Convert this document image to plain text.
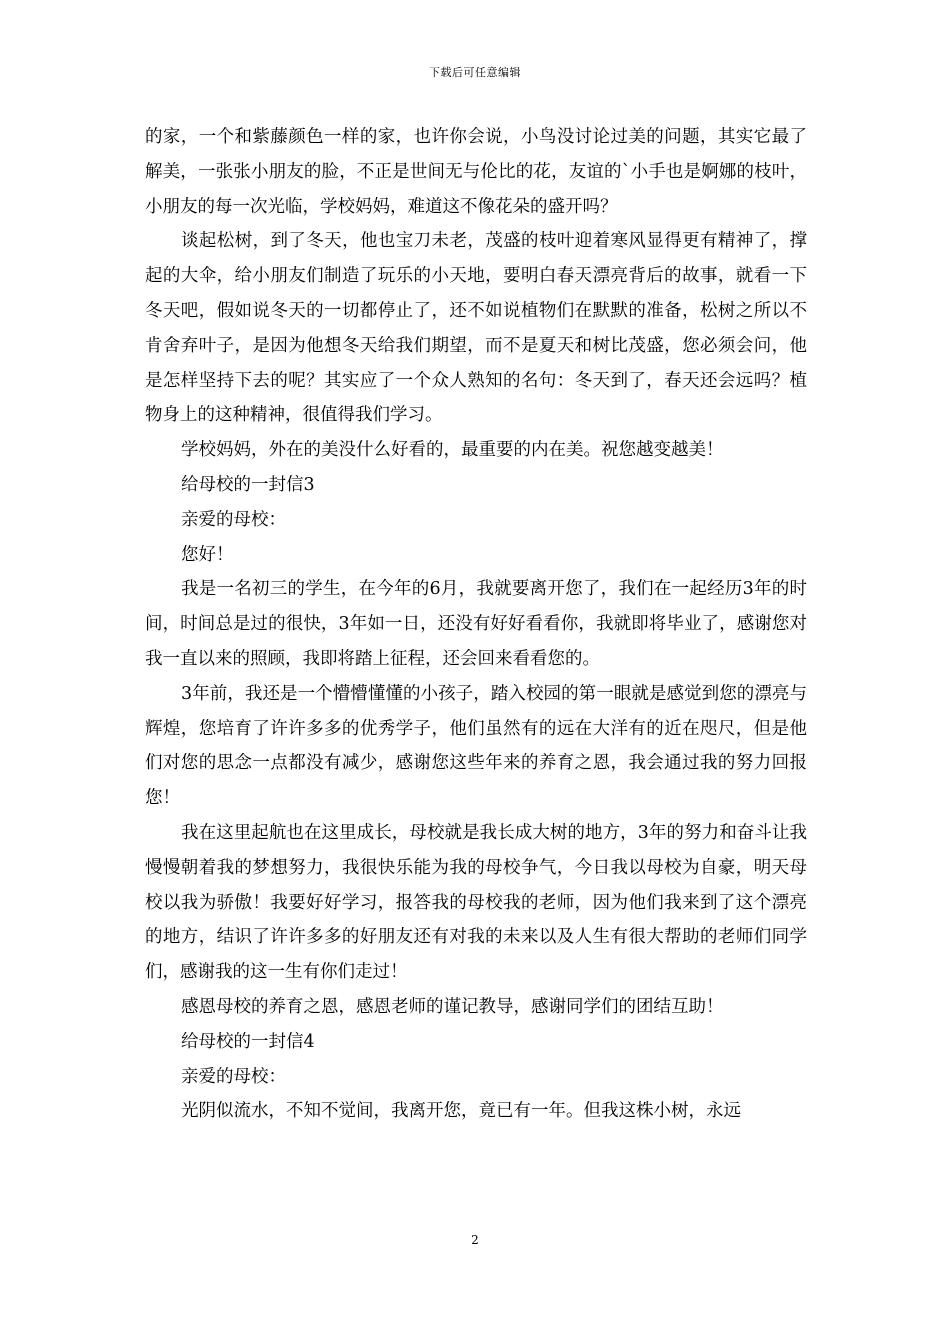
下载后可任意编辑

的家，一个和紫藤颜色一样的家，也许你会说，小鸟没讨论过美的问题，其实它最了解美，一张张小朋友的脸，不正是世间无与伦比的花，友谊的`小手也是婀娜的枝叶，小朋友的每一次光临，学校妈妈，难道这不像花朵的盛开吗？

谈起松树，到了冬天，他也宝刀未老，茂盛的枝叶迎着寒风显得更有精神了，撑起的大伞，给小朋友们制造了玩乐的小天地，要明白春天漂亮背后的故事，就看一下冬天吧，假如说冬天的一切都停止了，还不如说植物们在默默的准备，松树之所以不肯舍弃叶子，是因为他想冬天给我们期望，而不是夏天和树比茂盛，您必须会问，他是怎样坚持下去的呢？其实应了一个众人熟知的名句：冬天到了，春天还会远吗？植物身上的这种精神，很值得我们学习。

学校妈妈，外在的美没什么好看的，最重要的内在美。祝您越变越美！

给母校的一封信3

亲爱的母校：

您好！

我是一名初三的学生，在今年的6月，我就要离开您了，我们在一起经历3年的时间，时间总是过的很快，3年如一日，还没有好好看看你，我就即将毕业了，感谢您对我一直以来的照顾，我即将踏上征程，还会回来看看您的。

3年前，我还是一个懵懵懂懂的小孩子，踏入校园的第一眼就是感觉到您的漂亮与辉煌，您培育了许许多多的优秀学子，他们虽然有的远在大洋有的近在咫尺，但是他们对您的思念一点都没有减少，感谢您这些年来的养育之恩，我会通过我的努力回报您！

我在这里起航也在这里成长，母校就是我长成大树的地方，3年的努力和奋斗让我慢慢朝着我的梦想努力，我很快乐能为我的母校争气，今日我以母校为自豪，明天母校以我为骄傲！我要好好学习，报答我的母校我的老师，因为他们我来到了这个漂亮的地方，结识了许许多多的好朋友还有对我的未来以及人生有很大帮助的老师们同学们，感谢我的这一生有你们走过！

感恩母校的养育之恩，感恩老师的谨记教导，感谢同学们的团结互助！

给母校的一封信4

亲爱的母校：

光阴似流水，不知不觉间，我离开您，竟已有一年。但我这株小树，永远

2
